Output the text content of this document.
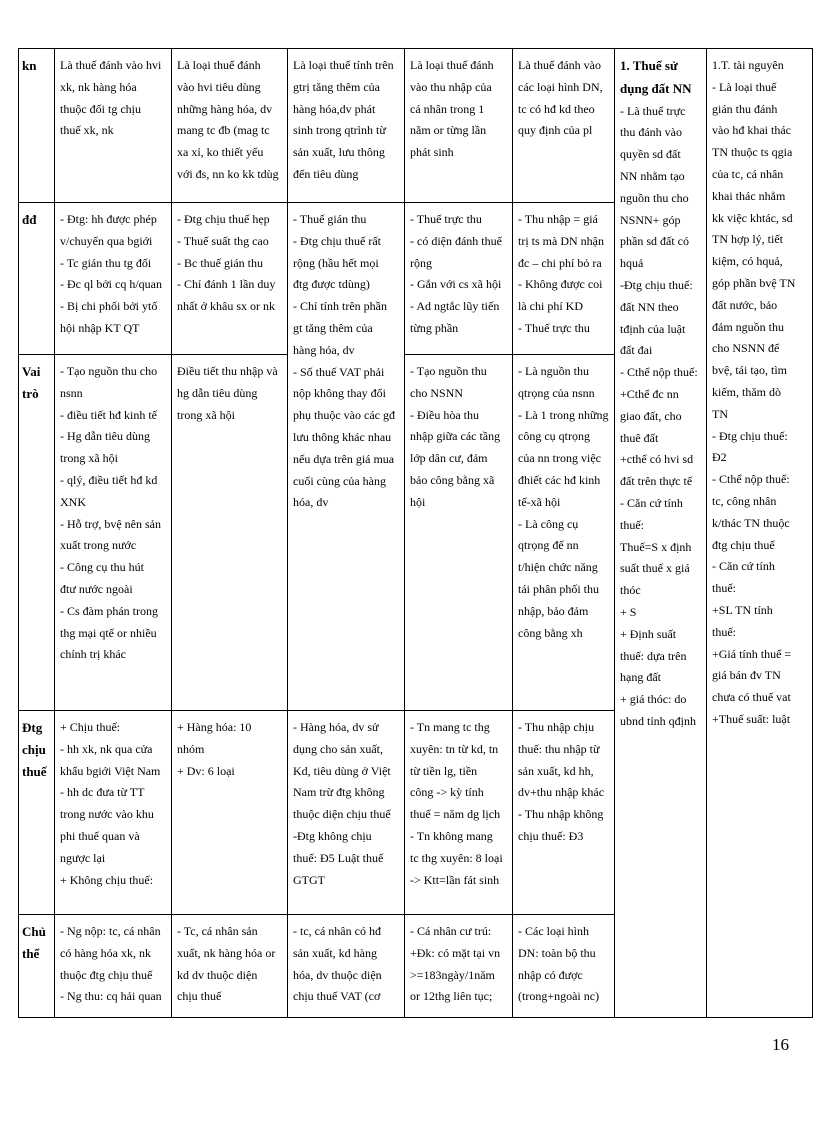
kn
đđ
Vai
trò
Đtg
chịu
thuế
Chủ
thể
Là thuế đánh vào hvi
xk, nk hàng hóa
thuộc đối tg chịu
thuế xk, nk
Là loại thuế đánh
vào hvi tiêu dùng
những hàng hóa, dv
mang tc đb (mag tc
xa xỉ, ko thiết yếu
với đs, nn ko kk tdùg
Là loại thuế tính trên
gtrị tăng thêm của
hàng hóa,dv phát
sinh trong qtrình từ
sản xuất, lưu thông
đến tiêu dùng
Là loại thuế đánh
vào thu nhập của
cá nhân trong 1
năm or từng lần
phát sinh
Là thuế đánh vào
các loại hình DN,
tc có hđ kd theo
quy định của pl
- Đtg: hh được phép
v/chuyển qua bgiới
- Tc gián thu tg đối
- Đc ql bởi cq h/quan
- Bị chi phối bởi ytố
hội nhập KT QT
- Đtg chịu thuế hẹp
- Thuế suất thg cao
- Bc thuế gián thu
- Chỉ đánh 1 lần duy
nhất ở khâu sx or nk
- Thuế trực thu
- có diện đánh thuế
rộng
- Gắn với cs xã hội
- Ad ngtắc lũy tiến
từng phần
- Thu nhập = giá
trị ts mà DN nhận
đc – chi phí bỏ ra
- Không được coi
là chi phí KD
- Thuế trực thu
- Thuế gián thu
- Đtg chịu thuế rất
rộng (hầu hết mọi
đtg được tdùng)
- Chỉ tính trên phần
gt tăng thêm của
hàng hóa, dv
- Số thuế VAT phải
nộp không thay đổi
phụ thuộc vào các gđ
lưu thông khác nhau
nếu dựa trên giá mua
cuối cùng của hàng
hóa, dv
- Tạo nguồn thu cho
nsnn
- điều tiết hđ kinh tế
- Hg dẫn tiêu dùng
trong xã hội
- qlý, điều tiết hđ kd
XNK
- Hỗ trợ, bvệ nên sản
xuất trong nước
- Công cụ thu hút
đtư nước ngoài
- Cs đàm phán trong
thg mại qtế or nhiều
chính trị khác
Điều tiết thu nhập và
hg dẫn tiêu dùng
trong xã hội
- Tạo nguồn thu
cho NSNN
- Điều hòa thu
nhập giữa các tầng
lớp dân cư, đảm
bảo công bằng xã
hội
- Là nguồn thu
qtrọng của nsnn
- Là 1 trong những
công cụ qtrọng
của nn trong việc
đhiết các hđ kinh
tế-xã hội
- Là công cụ
qtrọng để nn
t/hiện chức năng
tái phân phối thu
nhập, bảo đảm
công bằng xh
+ Chịu thuế:
- hh xk, nk qua cửa
khẩu bgiới Việt Nam
- hh dc đưa từ TT
trong nước vào khu
phi thuế quan và
ngược lại
+ Không chịu thuế:
+ Hàng hóa: 10
nhóm
+ Dv: 6 loại
- Hàng hóa, dv sử
dụng cho sản xuất,
Kd, tiêu dùng ở Việt
Nam trừ đtg không
thuộc diện chịu thuế
-Đtg không chịu
thuế: Đ5 Luật thuế
GTGT
- Tn mang tc thg
xuyên: tn từ kd, tn
từ tiền lg, tiền
công -> kỳ tính
thuế = năm dg lịch
- Tn không mang
tc thg xuyên: 8 loại
-> Ktt=lần fát sinh
- Thu nhập chịu
thuế: thu nhập từ
sản xuất, kd hh,
dv+thu nhập khác
- Thu nhập không
chịu thuế: Đ3
- Ng nộp: tc, cá nhân
có hàng hóa xk, nk
thuộc đtg chịu thuế
- Ng thu: cq hải quan
- Tc, cá nhân sản
xuất, nk hàng hóa or
kd dv thuộc diện
chịu thuế
- tc, cá nhân có hđ
sản xuất, kd hàng
hóa, dv thuộc diện
chịu thuế VAT (cơ
- Cá nhân cư trú:
+Đk: có mặt tại vn
>=183ngày/1năm
or 12thg liên tục;
- Các loại hình
DN: toàn bộ thu
nhập có được
(trong+ngoài nc)
1. Thuế sử
dụng đất NN
- Là thuế trực
thu đánh vào
quyền sd đất
NN nhằm tạo
nguồn thu cho
NSNN+ góp
phần sd đất có
hquả
-Đtg chịu thuế:
đất NN theo
tđịnh của luật
đất đai
- Cthể nộp thuế:
+Cthể đc nn
giao đất, cho
thuê đất
+cthể có hvi sd
đất trên thực tế
- Căn cứ tính
thuế:
Thuế=S x định
suất thuế x giá
thóc
+ S
+ Định suất
thuế: dựa trên
hạng đất
+ giá thóc: do
ubnd tỉnh qđịnh
1.T. tài nguyên
- Là loại thuế
gián thu đánh
vào hđ khai thác
TN thuộc ts qgia
của tc, cá nhân
khai thác nhằm
kk việc khtác, sd
TN hợp lý, tiết
kiệm, có hquả,
góp phần bvệ TN
đất nước, bảo
đảm nguồn thu
cho NSNN để
bvệ, tái tạo, tìm
kiếm, thăm dò
TN
- Đtg chịu thuế:
Đ2
- Cthể nộp thuế:
tc, công nhân
k/thác TN thuộc
đtg chịu thuế
- Căn cứ tính
thuế:
+SL TN tính
thuế:
+Giá tính thuế =
giá bán đv TN
chưa có thuế vat
+Thuế suất: luật
16
